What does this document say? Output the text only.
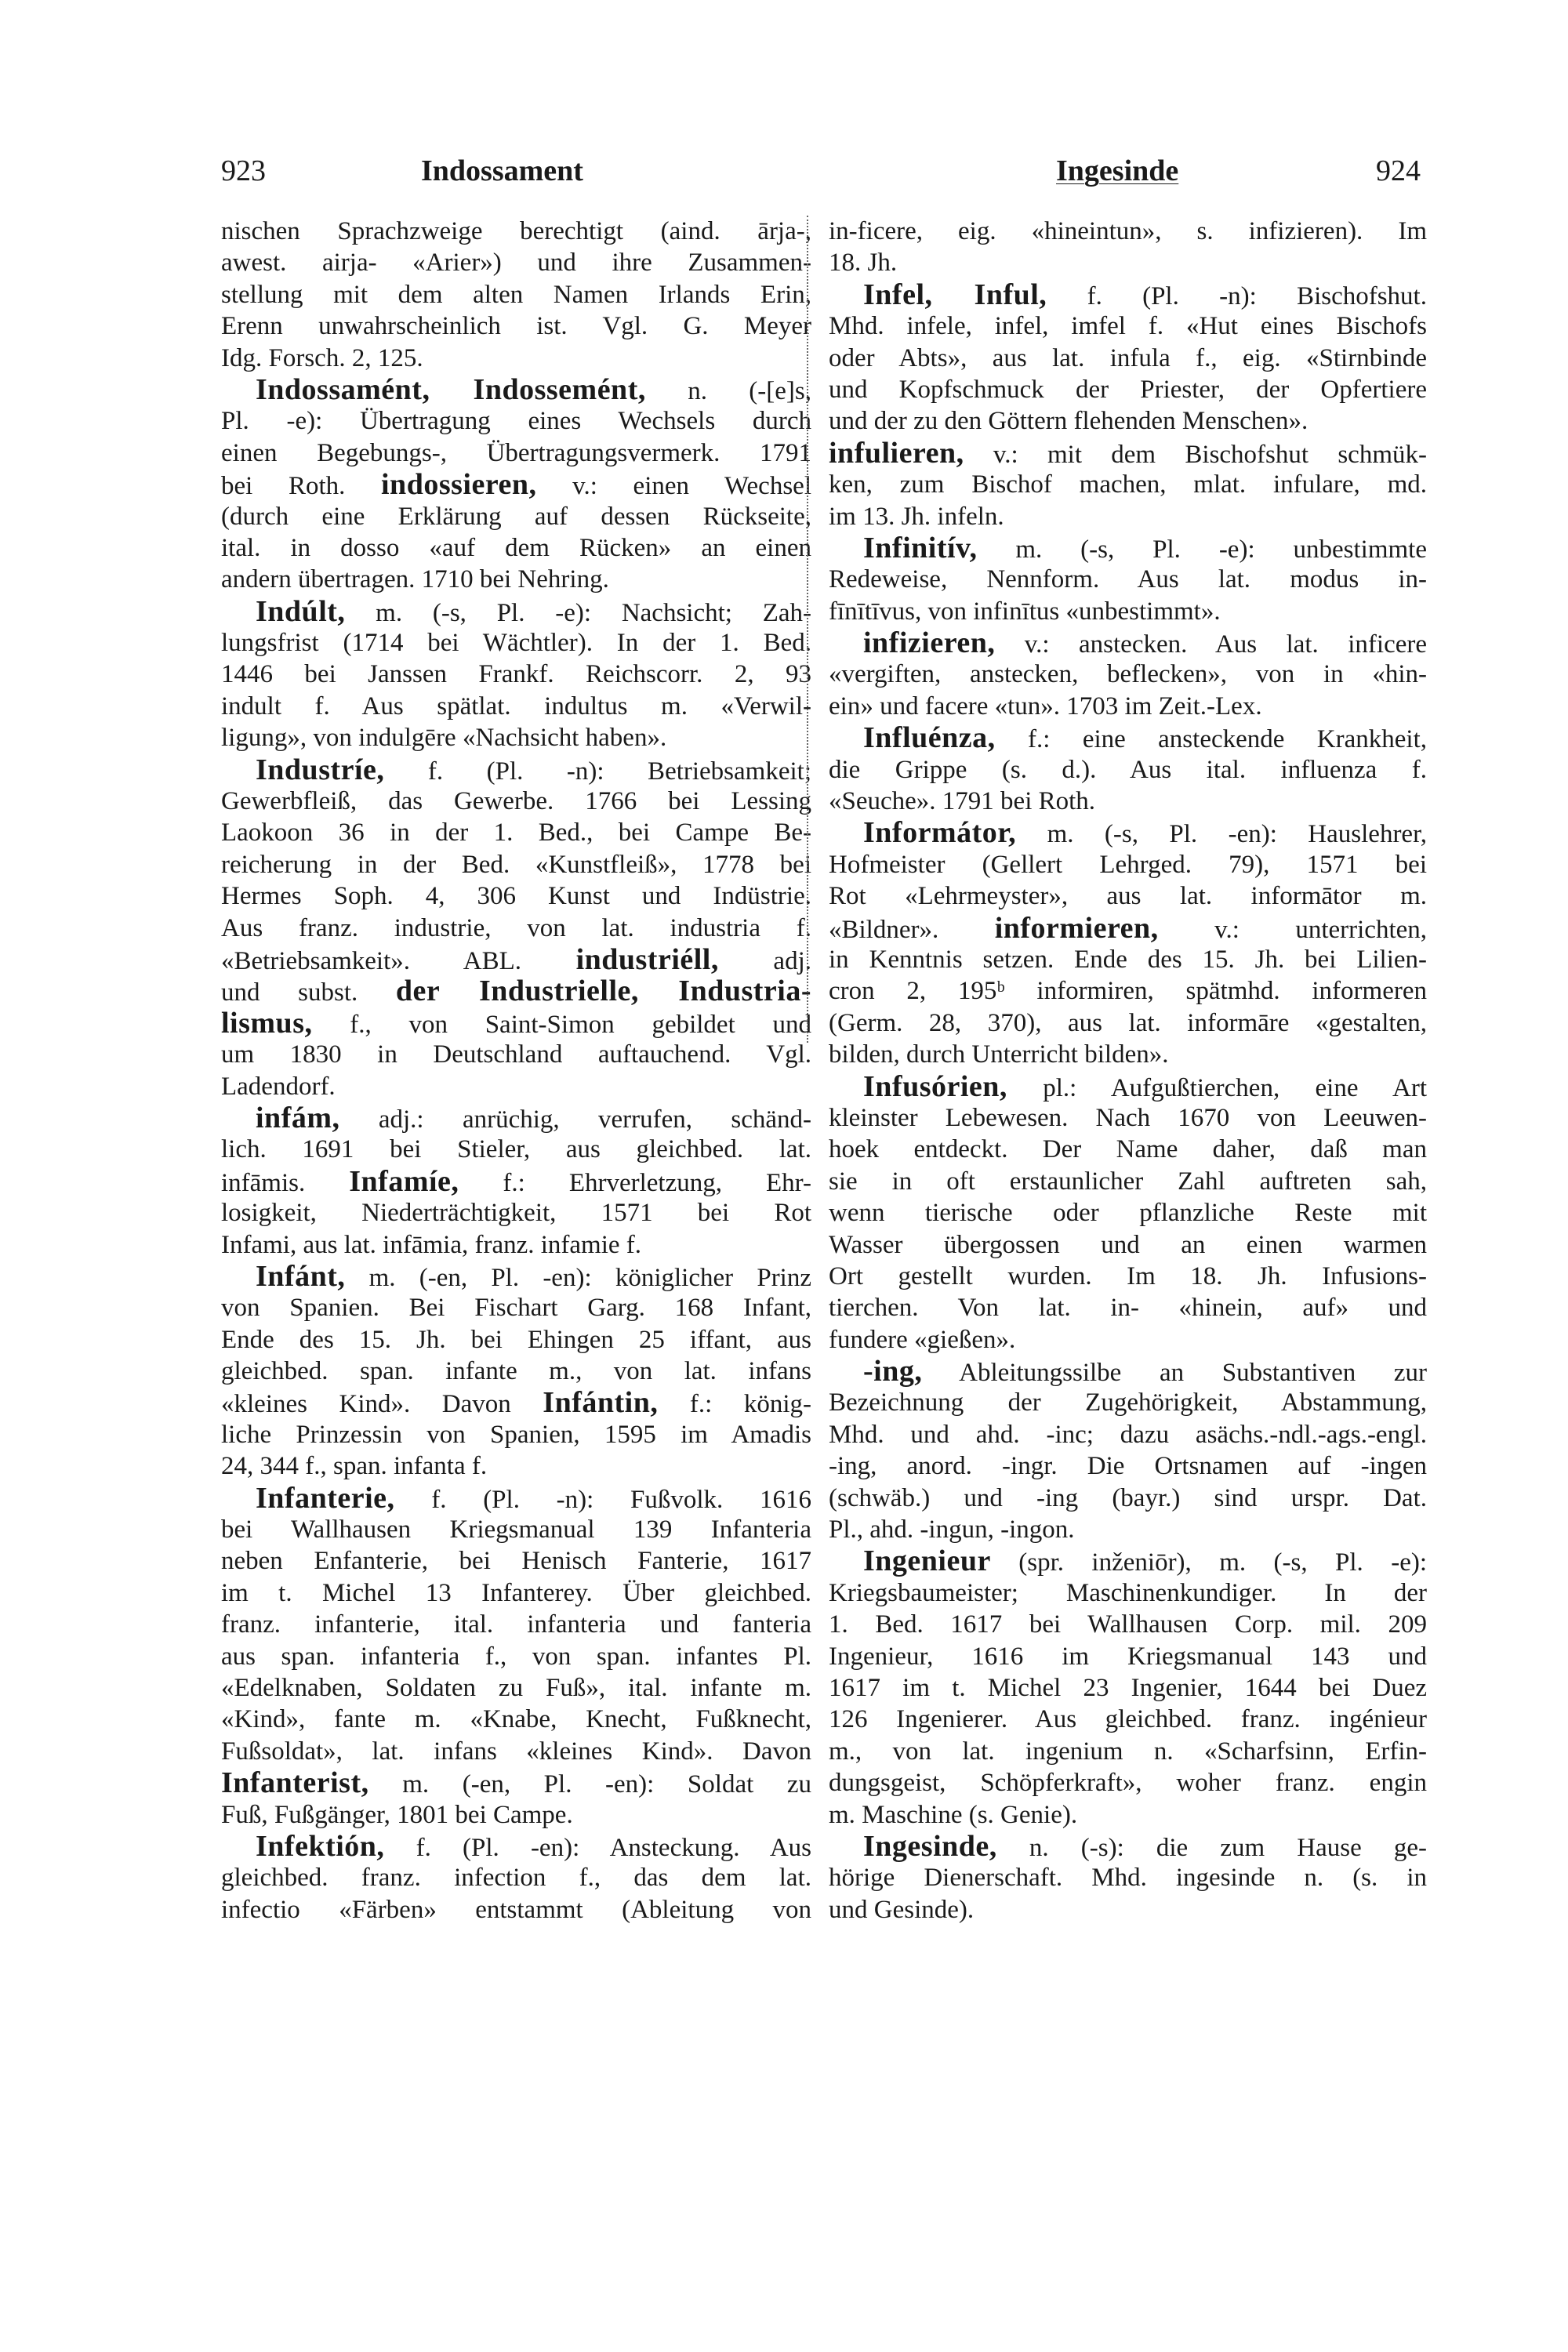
923	Indossament	Ingesinde	924
nischen Sprachzweige berechtigt (aind. ārja-,
awest. airja- «Arier») und ihre Zusammen-
stellung mit dem alten Namen Irlands Erin,
Erenn unwahrscheinlich ist. Vgl. G. Meyer
Idg. Forsch. 2, 125.
Indossamént, Indossemént, n. (-[e]s,
Pl. -e): Übertragung eines Wechsels durch
einen Begebungs-, Übertragungsvermerk. 1791
bei Roth. indossieren, v.: einen Wechsel
(durch eine Erklärung auf dessen Rückseite,
ital. in dosso «auf dem Rücken» an einen
andern übertragen. 1710 bei Nehring.
Indúlt, m. (-s, Pl. -e): Nachsicht; Zah-
lungsfrist (1714 bei Wächtler). In der 1. Bed.
1446 bei Janssen Frankf. Reichscorr. 2, 93
indult f. Aus spätlat. indultus m. «Verwil-
ligung», von indulgēre «Nachsicht haben».
Industríe, f. (Pl. -n): Betriebsamkeit;
Gewerbfleiß, das Gewerbe. 1766 bei Lessing
Laokoon 36 in der 1. Bed., bei Campe Be-
reicherung in der Bed. «Kunstfleiß», 1778 bei
Hermes Soph. 4, 306 Kunst und Indüstrie.
Aus franz. industrie, von lat. industria f.
«Betriebsamkeit». ABL. industriéll, adj.
und subst. der Industrielle, Industria-
lismus, f., von Saint-Simon gebildet und
um 1830 in Deutschland auftauchend. Vgl.
Ladendorf.
infám, adj.: anrüchig, verrufen, schänd-
lich. 1691 bei Stieler, aus gleichbed. lat.
infāmis. Infamíe, f.: Ehrverletzung, Ehr-
losigkeit, Niederträchtigkeit, 1571 bei Rot
Infami, aus lat. infāmia, franz. infamie f.
Infánt, m. (-en, Pl. -en): königlicher Prinz
von Spanien. Bei Fischart Garg. 168 Infant,
Ende des 15. Jh. bei Ehingen 25 iffant, aus
gleichbed. span. infante m., von lat. infans
«kleines Kind». Davon Infántin, f.: könig-
liche Prinzessin von Spanien, 1595 im Amadis
24, 344 f., span. infanta f.
Infanterie, f. (Pl. -n): Fußvolk. 1616
bei Wallhausen Kriegsmanual 139 Infanteria
neben Enfanterie, bei Henisch Fanterie, 1617
im t. Michel 13 Infanterey. Über gleichbed.
franz. infanterie, ital. infanteria und fanteria
aus span. infanteria f., von span. infantes Pl.
«Edelknaben, Soldaten zu Fuß», ital. infante m.
«Kind», fante m. «Knabe, Knecht, Fußknecht,
Fußsoldat», lat. infans «kleines Kind». Davon
Infanterist, m. (-en, Pl. -en): Soldat zu
Fuß, Fußgänger, 1801 bei Campe.
Infektión, f. (Pl. -en): Ansteckung. Aus
gleichbed. franz. infection f., das dem lat.
infectio «Färben» entstammt (Ableitung von
in-ficere, eig. «hineintun», s. infizieren). Im
18. Jh.
Infel, Inful, f. (Pl. -n): Bischofshut.
Mhd. infele, infel, imfel f. «Hut eines Bischofs
oder Abts», aus lat. infula f., eig. «Stirnbinde
und Kopfschmuck der Priester, der Opfertiere
und der zu den Göttern flehenden Menschen».
infulieren, v.: mit dem Bischofshut schmük-
ken, zum Bischof machen, mlat. infulare, md.
im 13. Jh. infeln.
Infinitív, m. (-s, Pl. -e): unbestimmte
Redeweise, Nennform. Aus lat. modus in-
fīnītīvus, von infinītus «unbestimmt».
infizieren, v.: anstecken. Aus lat. inficere
«vergiften, anstecken, beflecken», von in «hin-
ein» und facere «tun». 1703 im Zeit.-Lex.
Influénza, f.: eine ansteckende Krankheit,
die Grippe (s. d.). Aus ital. influenza f.
«Seuche». 1791 bei Roth.
Informátor, m. (-s, Pl. -en): Hauslehrer,
Hofmeister (Gellert Lehrged. 79), 1571 bei
Rot «Lehrmeyster», aus lat. informātor m.
«Bildner». informieren, v.: unterrichten,
in Kenntnis setzen. Ende des 15. Jh. bei Lilien-
cron 2, 195ᵇ informiren, spätmhd. informeren
(Germ. 28, 370), aus lat. informāre «gestalten,
bilden, durch Unterricht bilden».
Infusórien, pl.: Aufgußtierchen, eine Art
kleinster Lebewesen. Nach 1670 von Leeuwen-
hoek entdeckt. Der Name daher, daß man
sie in oft erstaunlicher Zahl auftreten sah,
wenn tierische oder pflanzliche Reste mit
Wasser übergossen und an einen warmen
Ort gestellt wurden. Im 18. Jh. Infusions-
tierchen. Von lat. in- «hinein, auf» und
fundere «gießen».
-ing, Ableitungssilbe an Substantiven zur
Bezeichnung der Zugehörigkeit, Abstammung,
Mhd. und ahd. -inc; dazu asächs.-ndl.-ags.-engl.
-ing, anord. -ingr. Die Ortsnamen auf -ingen
(schwäb.) und -ing (bayr.) sind urspr. Dat.
Pl., ahd. -ingun, -ingon.
Ingenieur (spr. inženiōr), m. (-s, Pl. -e):
Kriegsbaumeister; Maschinenkundiger. In der
1. Bed. 1617 bei Wallhausen Corp. mil. 209
Ingenieur, 1616 im Kriegsmanual 143 und
1617 im t. Michel 23 Ingenier, 1644 bei Duez
126 Ingenierer. Aus gleichbed. franz. ingénieur
m., von lat. ingenium n. «Scharfsinn, Erfin-
dungsgeist, Schöpferkraft», woher franz. engin
m. Maschine (s. Genie).
Ingesinde, n. (-s): die zum Hause ge-
hörige Dienerschaft. Mhd. ingesinde n. (s. in
und Gesinde).
